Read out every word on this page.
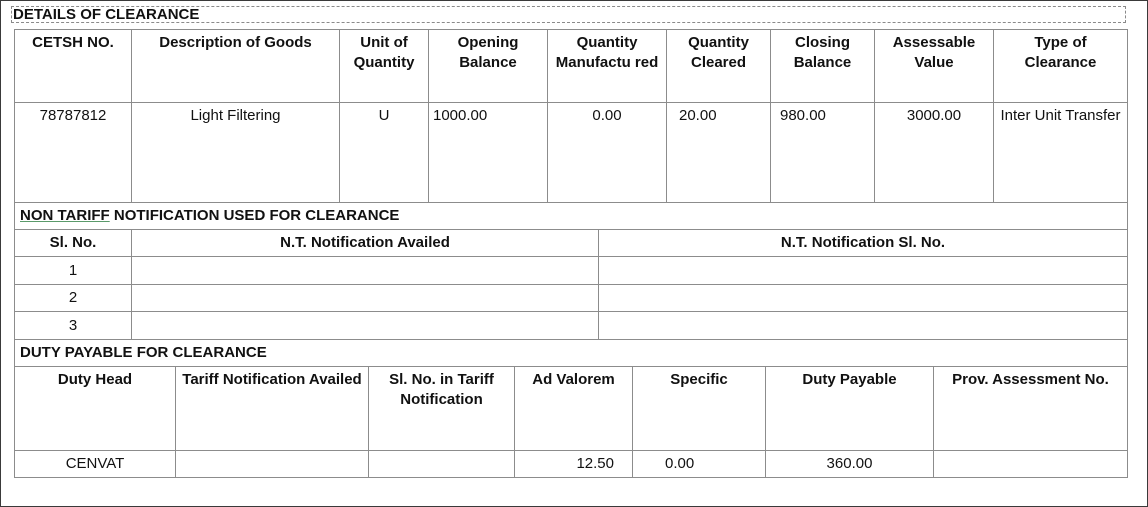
DETAILS OF CLEARANCE
CETSH NO.	Description of Goods	Unit of Quantity	Opening Balance	Quantity Manufactu red	Quantity Cleared	Closing Balance	Assessable Value	Type of Clearance
78787812	Light Filtering	U	1000.00	0.00	20.00	980.00	3000.00	Inter Unit Transfer
NON TARIFF NOTIFICATION USED FOR CLEARANCE		
Sl. No.	N.T. Notification Availed	N.T. Notification Sl. No.
1		
2		
3		
DUTY PAYABLE FOR CLEARANCE		
Duty Head	Tariff Notification Availed	Sl. No. in Tariff Notification	Ad Valorem	Specific	Duty Payable	Prov. Assessment No.
CENVAT			12.50	0.00	360.00	
